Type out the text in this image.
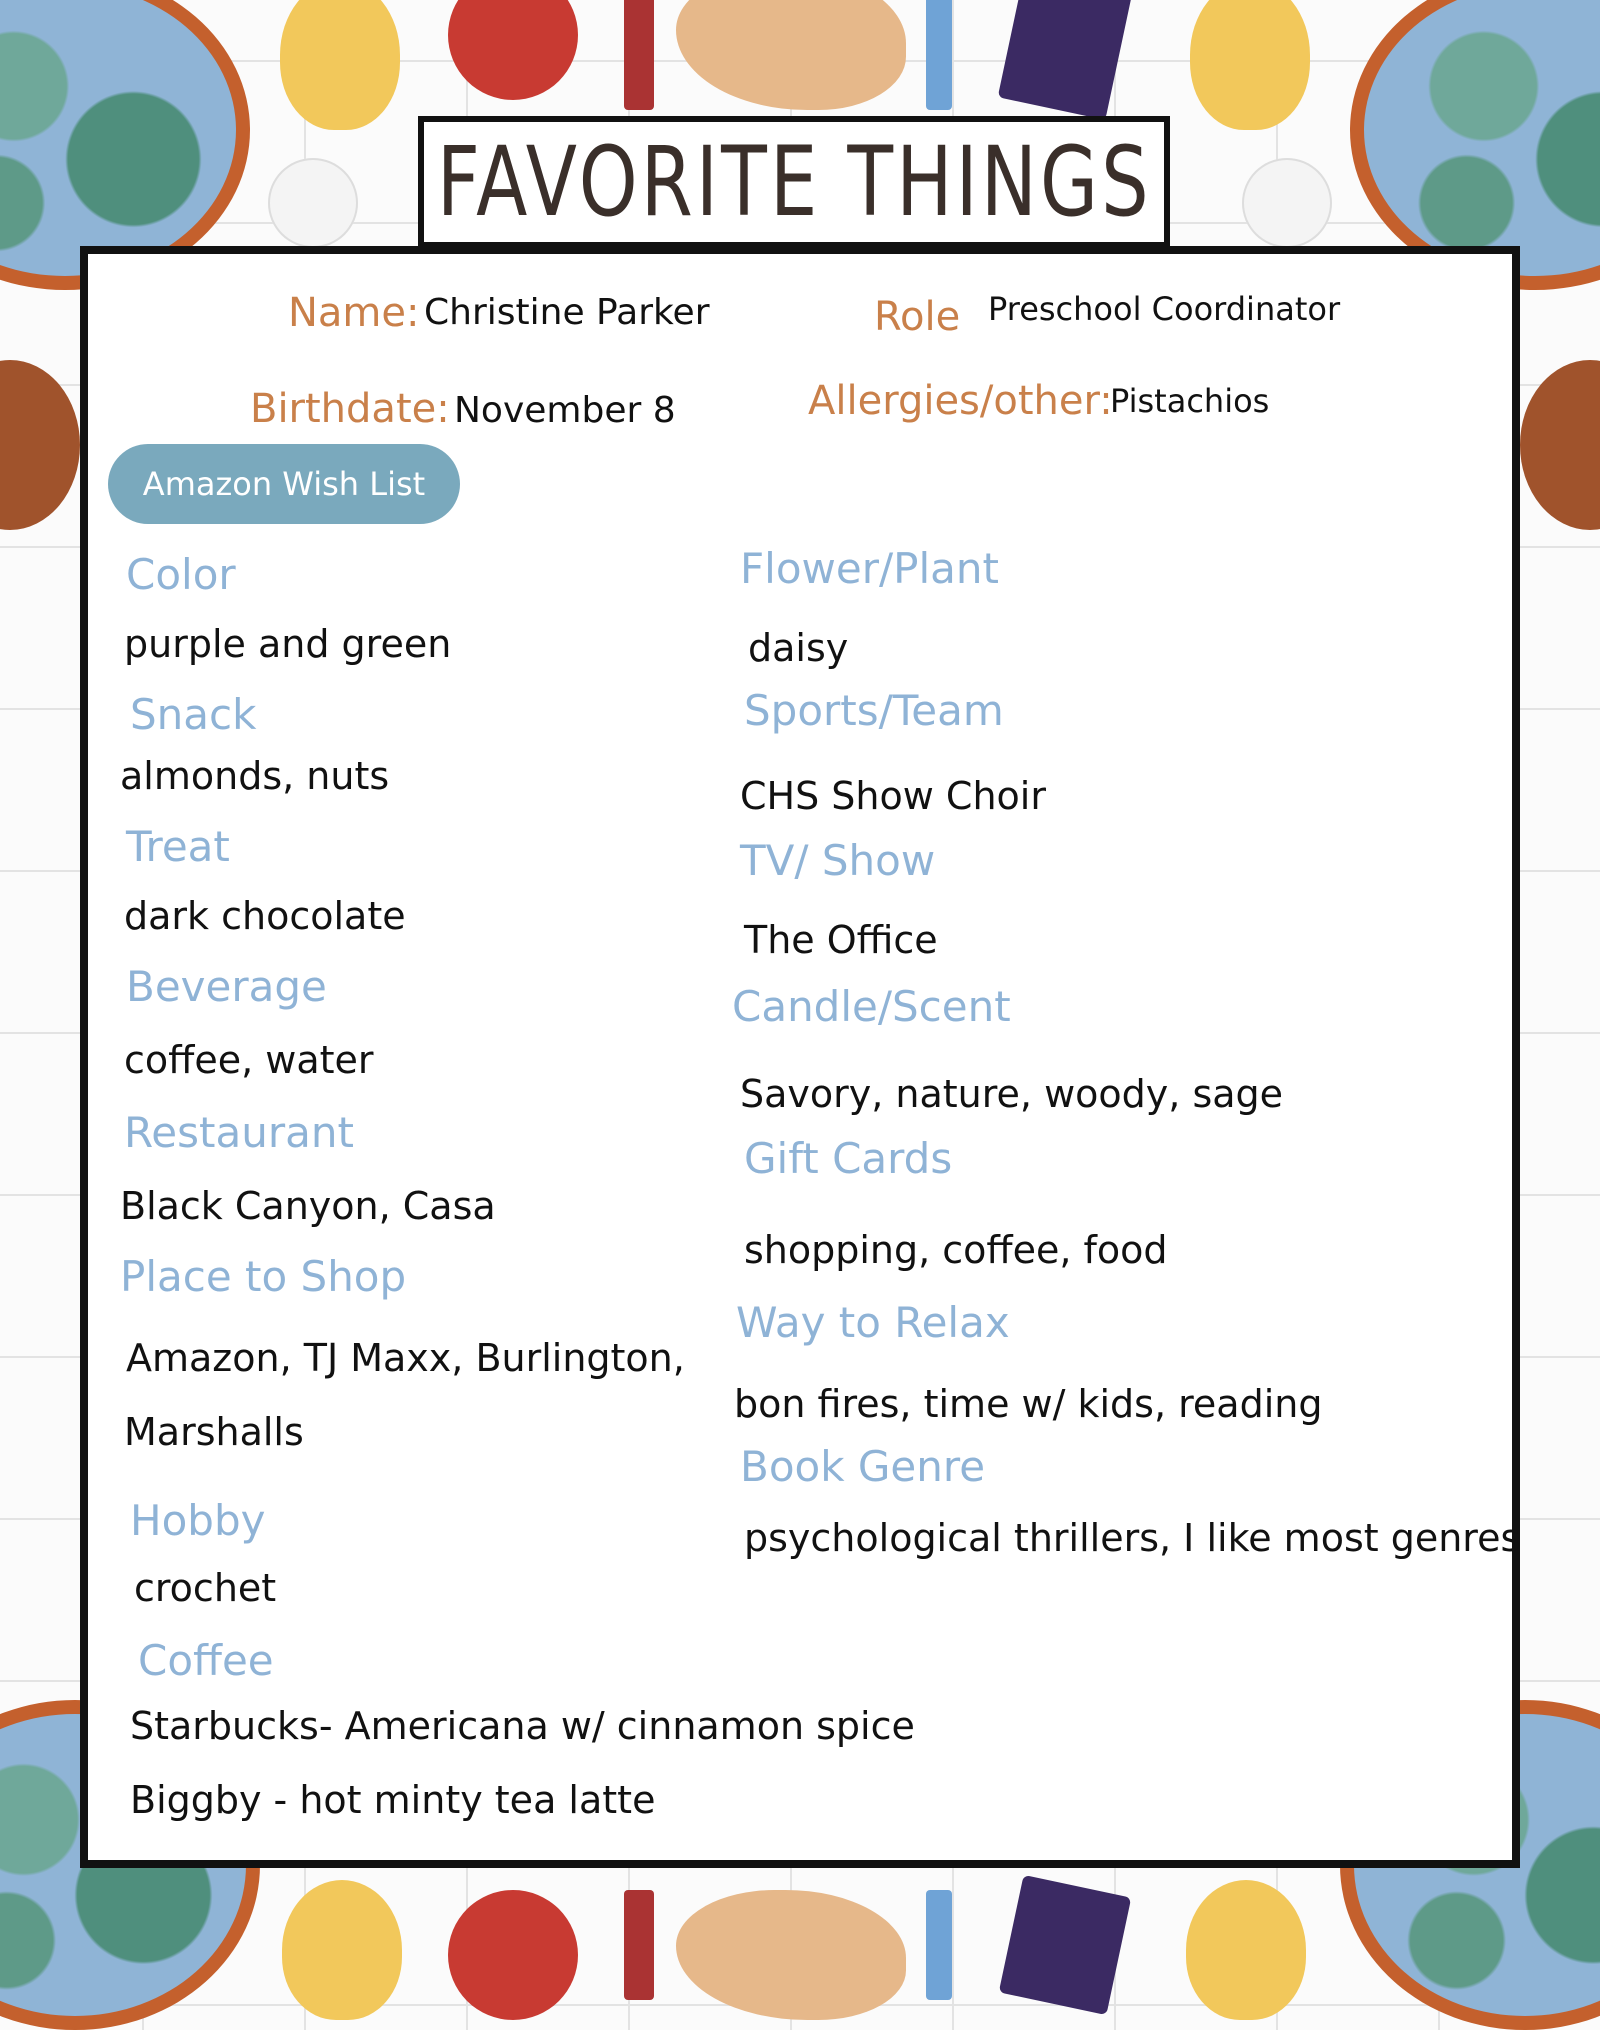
FAVORITE THINGS
Name: Christine Parker	Role Preschool Coordinator
Birthdate: November 8	Allergies/other:
Pistachios
Amazon Wish List
Color
purple and green
Snack
almonds, nuts
Treat
dark chocolate
Beverage
coffee, water
Restaurant
Black Canyon, Casa
Place to Shop
Amazon, TJ Maxx, Burlington,
Marshalls
Hobby
crochet
Coffee
Starbucks- Americana w/ cinnamon spice
Biggby - hot minty tea latte
Flower/Plant
daisy
Sports/Team
CHS Show Choir
TV/ Show
The Office
Candle/Scent
Savory, nature, woody, sage
Gift Cards
shopping, coffee, food
Way to Relax
bon fires, time w/ kids, reading
Book Genre
psychological thrillers, I like most genres
